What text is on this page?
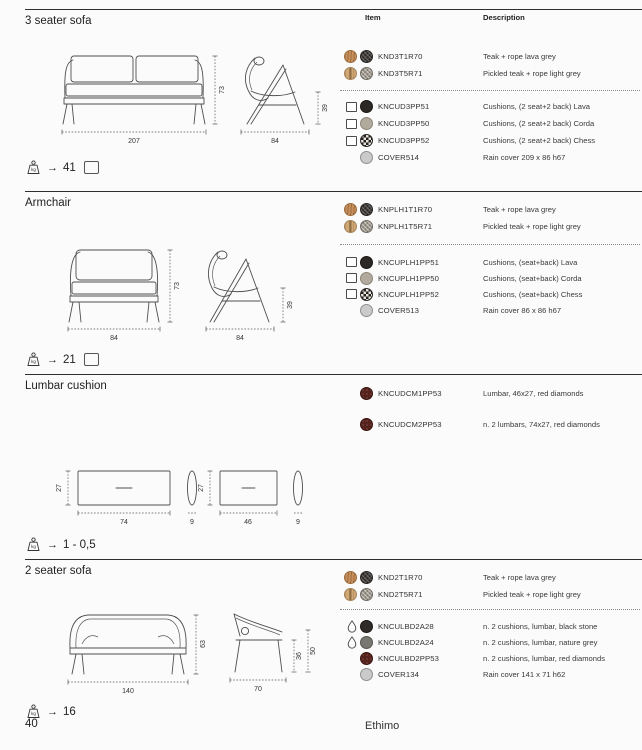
3 seater sofa
207
73
84
39
kg → 41
Item	Description
KND3T1R70	Teak + rope lava grey
KND3T5R71	Pickled teak + rope light grey
KNCUD3PP51	Cushions, (2 seat+2 back) Lava
KNCUD3PP50	Cushions, (2 seat+2 back) Corda
KNCUD3PP52	Cushions, (2 seat+2 back) Chess
COVER514	Rain cover 209 x 86 h67
Armchair
84
73
84
39
kg → 21
KNPLH1T1R70	Teak + rope lava grey
KNPLH1T5R71	Pickled teak + rope light grey
KNCUPLH1PP51	Cushions, (seat+back) Lava
KNCUPLH1PP50	Cushions, (seat+back) Corda
KNCUPLH1PP52	Cushions, (seat+back) Chess
COVER513	Rain cover 86 x 86 h67
Lumbar cushion
27
74	9
27
46	9
kg → 1 - 0,5
KNCUDCM1PP53	Lumbar, 46x27, red diamonds
KNCUDCM2PP53	n. 2 lumbars, 74x27, red diamonds
2 seater sofa
140
63
70
36
50
kg → 16
KND2T1R70	Teak + rope lava grey
KND2T5R71	Pickled teak + rope light grey
KNCULBD2A28	n. 2 cushions, lumbar, black stone
KNCULBD2A24	n. 2 cushions, lumbar, nature grey
KNCULBD2PP53	n. 2 cushions, lumbar, red diamonds
COVER134	Rain cover 141 x 71 h62
40	Ethimo
